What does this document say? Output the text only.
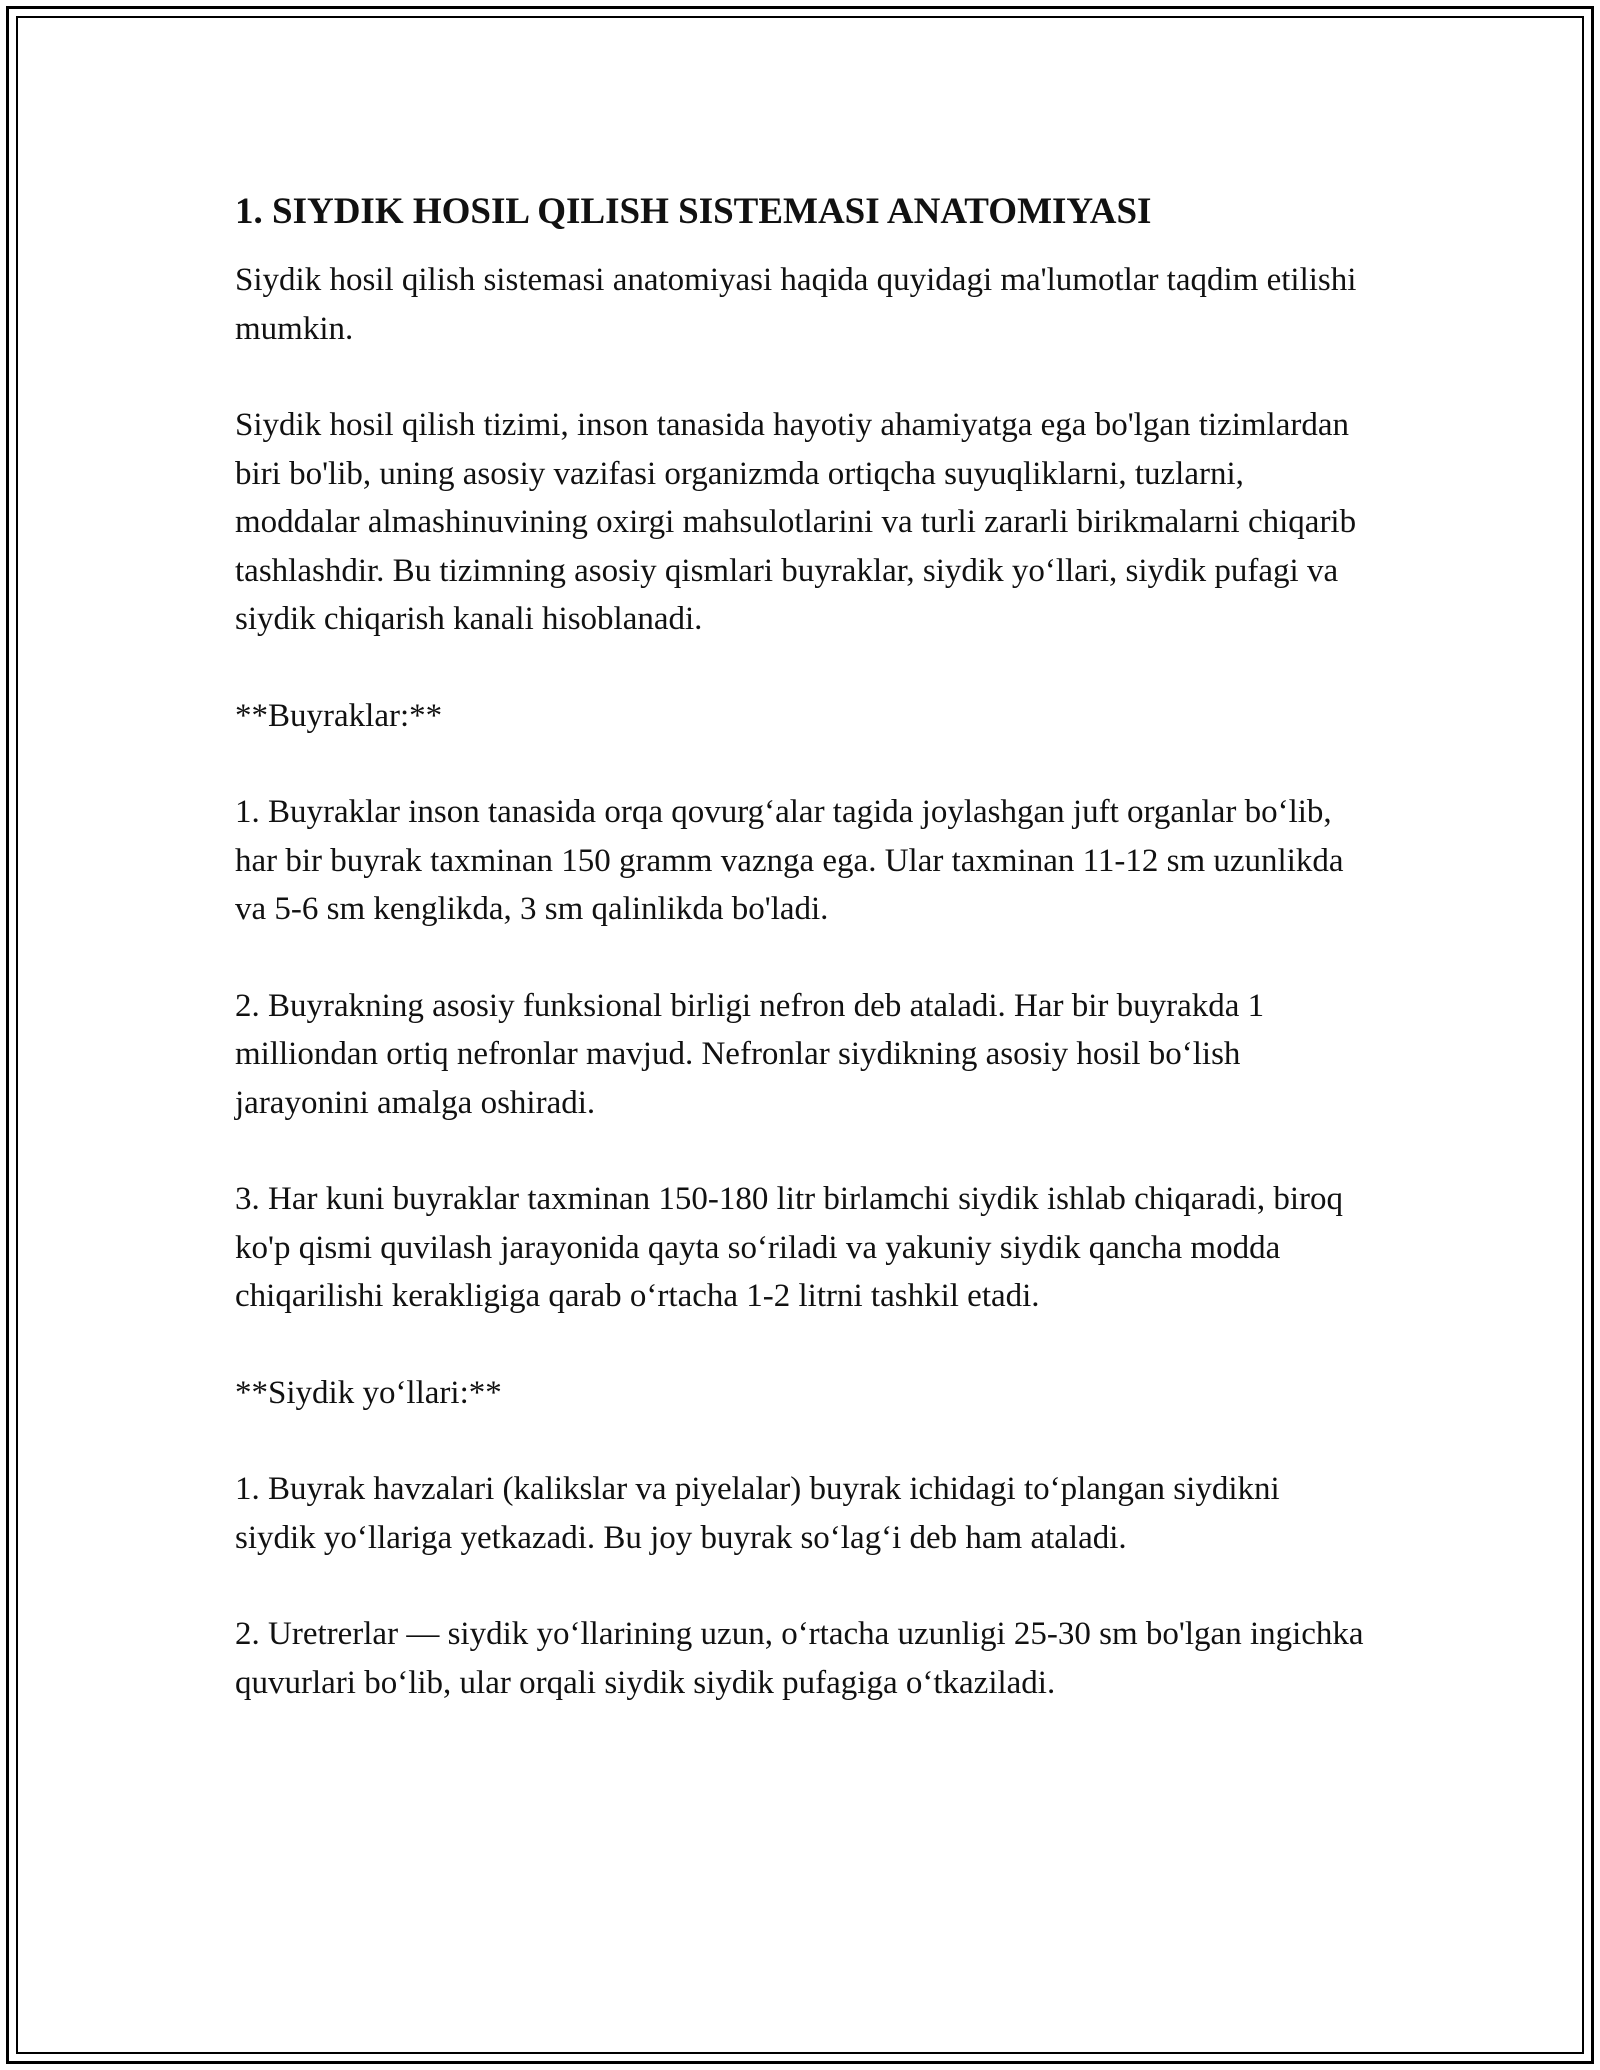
1. SIYDIK HOSIL QILISH SISTEMASI ANATOMIYASI

Siydik hosil qilish sistemasi anatomiyasi haqida quyidagi ma'lumotlar taqdim etilishi mumkin.

Siydik hosil qilish tizimi, inson tanasida hayotiy ahamiyatga ega bo'lgan tizimlardan biri bo'lib, uning asosiy vazifasi organizmda ortiqcha suyuqliklarni, tuzlarni, moddalar almashinuvining oxirgi mahsulotlarini va turli zararli birikmalarni chiqarib tashlashdir. Bu tizimning asosiy qismlari buyraklar, siydik yo‘llari, siydik pufagi va siydik chiqarish kanali hisoblanadi.

**Buyraklar:**

1. Buyraklar inson tanasida orqa qovurg‘alar tagida joylashgan juft organlar bo‘lib, har bir buyrak taxminan 150 gramm vaznga ega. Ular taxminan 11-12 sm uzunlikda va 5-6 sm kenglikda, 3 sm qalinlikda bo'ladi.

2. Buyrakning asosiy funksional birligi nefron deb ataladi. Har bir buyrakda 1 milliondan ortiq nefronlar mavjud. Nefronlar siydikning asosiy hosil bo‘lish jarayonini amalga oshiradi.

3. Har kuni buyraklar taxminan 150-180 litr birlamchi siydik ishlab chiqaradi, biroq ko'p qismi quvilash jarayonida qayta so‘riladi va yakuniy siydik qancha modda chiqarilishi kerakligiga qarab o‘rtacha 1-2 litrni tashkil etadi.

**Siydik yo‘llari:**

1. Buyrak havzalari (kalikslar va piyelalar) buyrak ichidagi to‘plangan siydikni siydik yo‘llariga yetkazadi. Bu joy buyrak so‘lag‘i deb ham ataladi.

2. Uretrerlar — siydik yo‘llarining uzun, o‘rtacha uzunligi 25-30 sm bo'lgan ingichka quvurlari bo‘lib, ular orqali siydik siydik pufagiga o‘tkaziladi.
